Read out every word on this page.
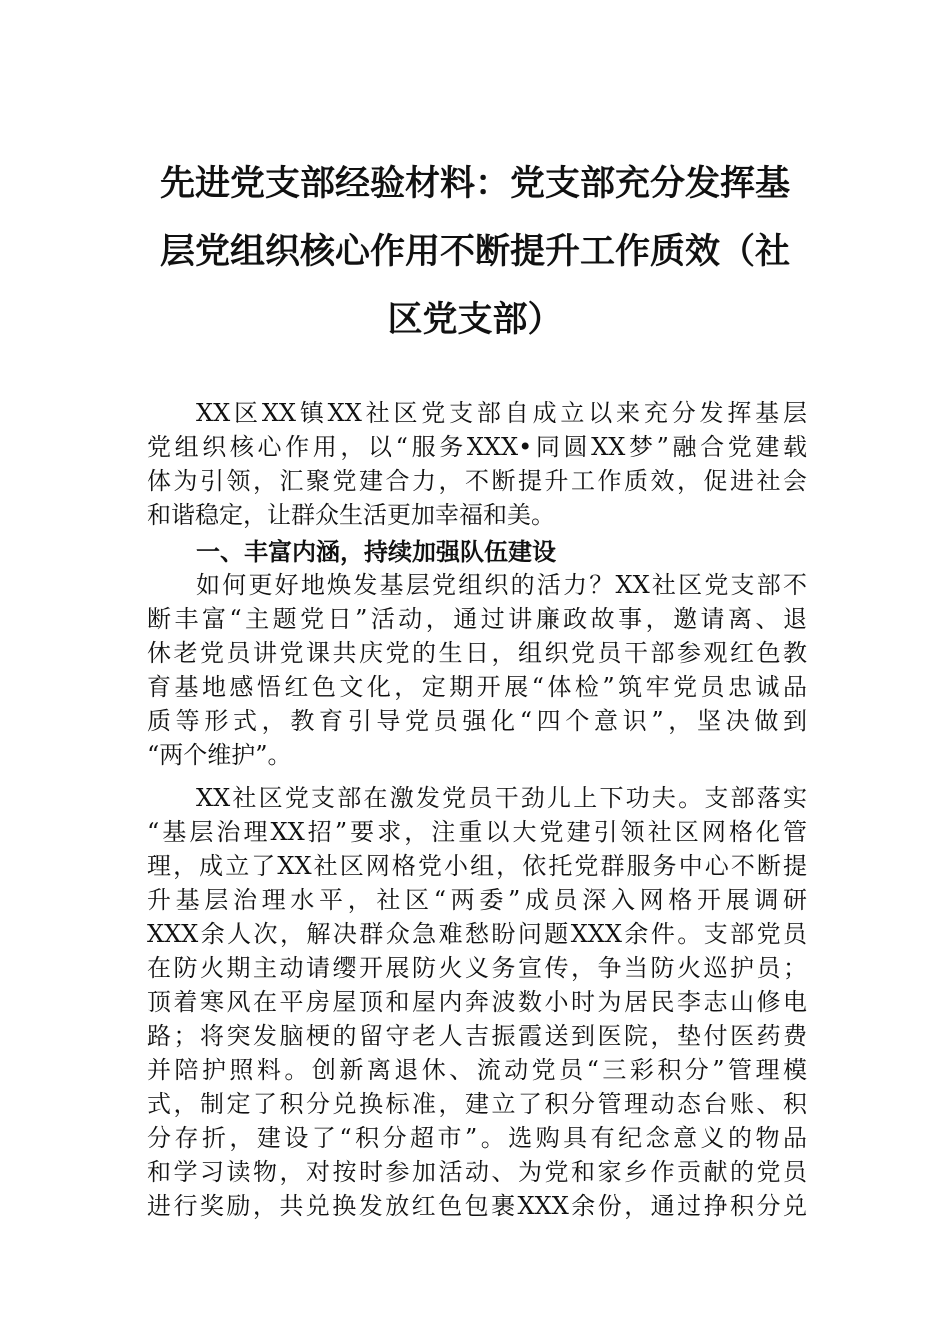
先进党支部经验材料：党支部充分发挥基
层党组织核心作用不断提升工作质效（社
区党支部）
XX区XX镇XX社区党支部自成立以来充分发挥基层
党组织核心作用，以“服务XXX•同圆XX梦”融合党建载
体为引领，汇聚党建合力，不断提升工作质效，促进社会
和谐稳定，让群众生活更加幸福和美。
一、丰富内涵，持续加强队伍建设
如何更好地焕发基层党组织的活力？XX社区党支部不
断丰富“主题党日”活动，通过讲廉政故事，邀请离、退
休老党员讲党课共庆党的生日，组织党员干部参观红色教
育基地感悟红色文化，定期开展“体检”筑牢党员忠诚品
质等形式，教育引导党员强化“四个意识”，坚决做到
“两个维护”。
XX社区党支部在激发党员干劲儿上下功夫。支部落实
“基层治理XX招”要求，注重以大党建引领社区网格化管
理，成立了XX社区网格党小组，依托党群服务中心不断提
升基层治理水平，社区“两委”成员深入网格开展调研
XXX余人次，解决群众急难愁盼问题XXX余件。支部党员
在防火期主动请缨开展防火义务宣传，争当防火巡护员；
顶着寒风在平房屋顶和屋内奔波数小时为居民李志山修电
路；将突发脑梗的留守老人吉振霞送到医院，垫付医药费
并陪护照料。创新离退休、流动党员“三彩积分”管理模
式，制定了积分兑换标准，建立了积分管理动态台账、积
分存折，建设了“积分超市”。选购具有纪念意义的物品
和学习读物，对按时参加活动、为党和家乡作贡献的党员
进行奖励，共兑换发放红色包裹XXX余份，通过挣积分兑
